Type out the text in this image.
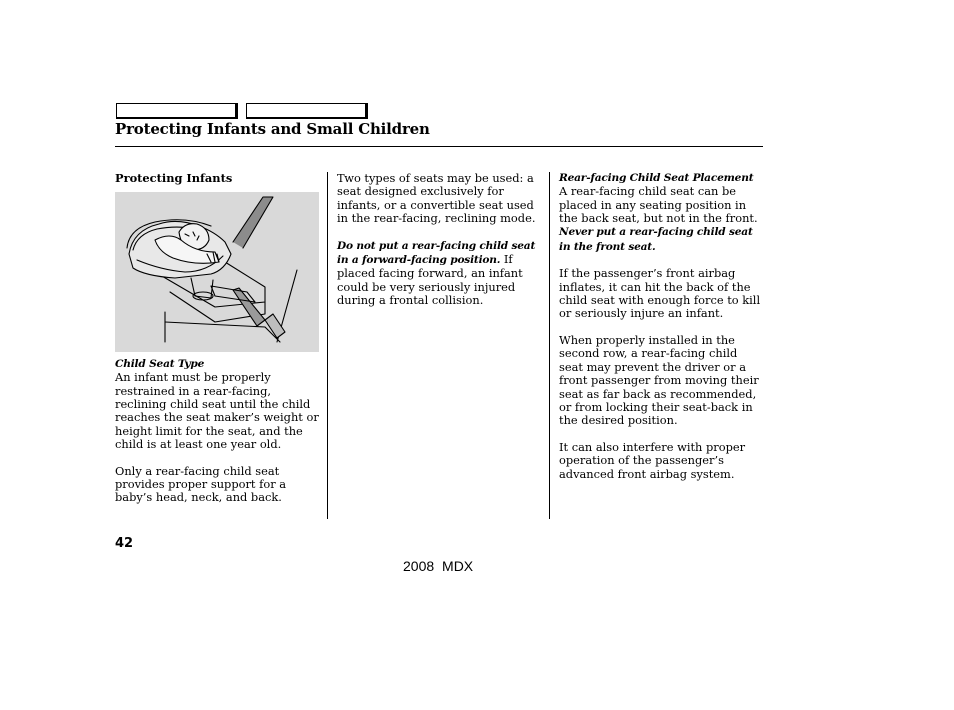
Protecting Infants and Small Children

Protecting Infants

Child Seat Type

An infant must be properly restrained in a rear-facing, reclining child seat until the child reaches the seat maker’s weight or height limit for the seat, and the child is at least one year old.

Only a rear-facing child seat provides proper support for a baby’s head, neck, and back.

Two types of seats may be used: a seat designed exclusively for infants, or a convertible seat used in the rear-facing, reclining mode.

Do not put a rear-facing child seat in a forward-facing position. If placed facing forward, an infant could be very seriously injured during a frontal collision.

Rear-facing Child Seat Placement

A rear-facing child seat can be placed in any seating position in the back seat, but not in the front. Never put a rear-facing child seat in the front seat.

If the passenger’s front airbag inflates, it can hit the back of the child seat with enough force to kill or seriously injure an infant.

When properly installed in the second row, a rear-facing child seat may prevent the driver or a front passenger from moving their seat as far back as recommended, or from locking their seat-back in the desired position.

It can also interfere with proper operation of the passenger’s advanced front airbag system.

42
2008 MDX
